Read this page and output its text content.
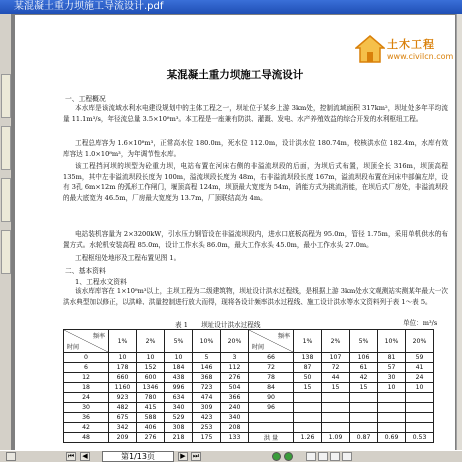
某混凝土重力坝施工导流设计.pdf
土木工程
www.civilcn.com
某混凝土重力坝施工导流设计
一、工程概况
本水库是该流域水利水电建设规划中的主体工程之一，坝址位于某乡上游 3km处，控制流域面积 317km²，坝址处多年平均流量 11.1m³/s，年径流总量 3.5×10⁸m³。本工程是一座兼有防洪、灌溉、发电、水产养殖效益的综合开发的水利枢纽工程。
工程总库容为 1.6×10⁸m³，正常高水位 180.0m，死水位 112.0m，设计洪水位 180.74m，校核洪水位 182.4m，水库有效库容达 1.0×10⁸m³，为年调节性水库。
该工程挡河坝的坝型为砼重力坝，电站布置在河床右侧的非溢流坝段的后面，为坝后式布置，坝顶全长 316m，坝顶高程 135m，其中左非溢流坝段长度为 100m，溢流坝段长度为 48m，右非溢流坝段长度 167m，溢流坝段布置在河床中部偏左岸，设有 3孔 6m×12m 的弧形工作闸门，堰顶高程 124m，坝顶最大宽度为 54m，消能方式为挑流消能，在坝后式厂房处，非溢流坝段的最大底宽为 46.5m，厂房最大宽度为 13.7m，厂顶联结高为 4m。
电站装机容量为 2×3200kW，引水压力钢管设在非溢流坝段内，进水口底板高程为 95.0m，管径 1.75m，采用单机供水的布置方式。水轮机安装高程 85.0m，设计工作水头 86.0m，最大工作水头 45.0m，最小工作水头 27.0m。
工程枢纽处地形及工程布置见图 1。
二、基本资料
1、工程水文资料
该水库库容在 1×10⁸m³以上，主坝工程为二级建筑物，坝址设计洪水过程线，是根据上游 3km处水文观测站实测某年最大一次洪水典型加以修正，以洪峰、洪量控制进行放大而得，现将各设计频率洪水过程线、施工设计洪水等水文资料列于表 1～表 5。
表 1　　坝址设计洪水过程线	单位：m³/s
频率
时间	1%	2%	5%	10%	20%	频率
时间	1%	2%	5%	10%	20%
0	10	10	10	5	3	66	138	107	106	81	59
6	178	152	184	146	112	72	87	72	61	57	41
12	660	600	438	368	276	78	50	44	42	30	24
18	1160	1346	996	723	504	84	15	15	15	10	10
24	923	780	634	474	366	90					
30	482	415	340	309	240	96					
36	675	588	529	423	340						
42	342	406	308	253	208						
48	209	276	218	175	133	洪 量	1.26	1.09	0.87	0.69	0.53
⏮	◀	第1/13页	▶	⏭
